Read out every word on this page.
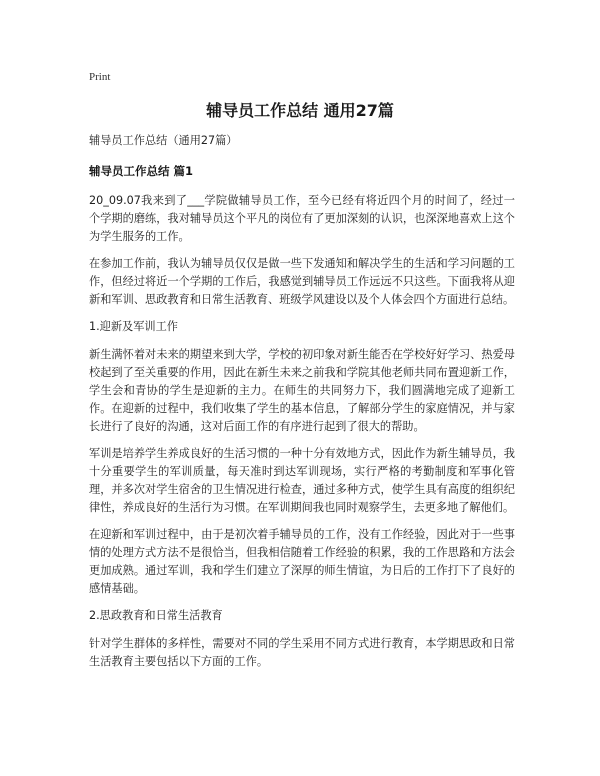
Print
辅导员工作总结 通用27篇

辅导员工作总结（通用27篇）

辅导员工作总结 篇1

20_09.07我来到了___学院做辅导员工作，至今已经有将近四个月的时间了，经过一个学期的磨练，我对辅导员这个平凡的岗位有了更加深刻的认识，也深深地喜欢上这个为学生服务的工作。

在参加工作前，我认为辅导员仅仅是做一些下发通知和解决学生的生活和学习问题的工作，但经过将近一个学期的工作后，我感觉到辅导员工作远远不只这些。下面我将从迎新和军训、思政教育和日常生活教育、班级学风建设以及个人体会四个方面进行总结。

1.迎新及军训工作

新生满怀着对未来的期望来到大学，学校的初印象对新生能否在学校好好学习、热爱母校起到了至关重要的作用，因此在新生未来之前我和学院其他老师共同布置迎新工作，学生会和青协的学生是迎新的主力。在师生的共同努力下，我们圆满地完成了迎新工作。在迎新的过程中，我们收集了学生的基本信息，了解部分学生的家庭情况，并与家长进行了良好的沟通，这对后面工作的有序进行起到了很大的帮助。

军训是培养学生养成良好的生活习惯的一种十分有效地方式，因此作为新生辅导员，我十分重要学生的军训质量，每天准时到达军训现场，实行严格的考勤制度和军事化管理，并多次对学生宿舍的卫生情况进行检查，通过多种方式，使学生具有高度的组织纪律性，养成良好的生活行为习惯。在军训期间我也同时观察学生，去更多地了解他们。

在迎新和军训过程中，由于是初次着手辅导员的工作，没有工作经验，因此对于一些事情的处理方式方法不是很恰当，但我相信随着工作经验的积累，我的工作思路和方法会更加成熟。通过军训，我和学生们建立了深厚的师生情谊，为日后的工作打下了良好的感情基础。

2.思政教育和日常生活教育

针对学生群体的多样性，需要对不同的学生采用不同方式进行教育，本学期思政和日常生活教育主要包括以下方面的工作。
